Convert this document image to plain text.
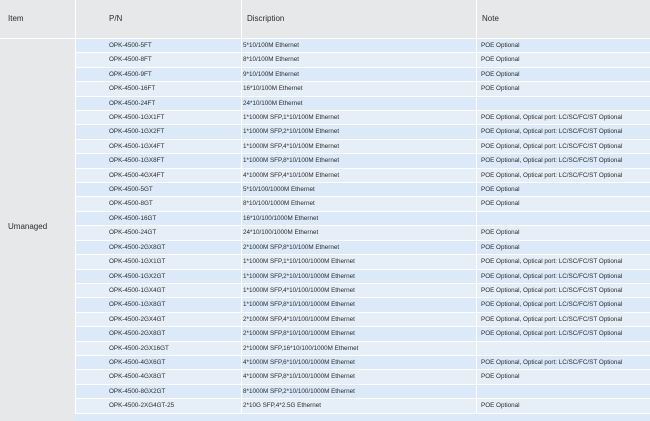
Item	P/N	Discription	Note
Umanaged
OPK-4500-5FT	5*10/100M Ethernet	POE Optional
OPK-4500-8FT	8*10/100M Ethernet	POE Optional
OPK-4500-9FT	9*10/100M Ethernet	POE Optional
OPK-4500-16FT	16*10/100M Ethernet	POE Optional
OPK-4500-24FT	24*10/100M Ethernet
OPK-4500-1GX1FT	1*1000M SFP,1*10/100M Ethernet	POE Optional, Optical port: LC/SC/FC/ST Optional
OPK-4500-1GX2FT	1*1000M SFP,2*10/100M Ethernet	POE Optional, Optical port: LC/SC/FC/ST Optional
OPK-4500-1GX4FT	1*1000M SFP,4*10/100M Ethernet	POE Optional, Optical port: LC/SC/FC/ST Optional
OPK-4500-1GX8FT	1*1000M SFP,8*10/100M Ethernet	POE Optional, Optical port: LC/SC/FC/ST Optional
OPK-4500-4GX4FT	4*1000M SFP,4*10/100M Ethernet	POE Optional, Optical port: LC/SC/FC/ST Optional
OPK-4500-5GT	5*10/100/1000M Ethernet	POE Optional
OPK-4500-8GT	8*10/100/1000M Ethernet	POE Optional
OPK-4500-16GT	16*10/100/1000M Ethernet
OPK-4500-24GT	24*10/100/1000M Ethernet	POE Optional
OPK-4500-2GX8GT	2*1000M SFP,8*10/100M Ethernet	POE Optional
OPK-4500-1GX1GT	1*1000M SFP,1*10/100/1000M Ethernet	POE Optional, Optical port: LC/SC/FC/ST Optional
OPK-4500-1GX2GT	1*1000M SFP,2*10/100/1000M Ethernet	POE Optional, Optical port: LC/SC/FC/ST Optional
OPK-4500-1GX4GT	1*1000M SFP,4*10/100/1000M Ethernet	POE Optional, Optical port: LC/SC/FC/ST Optional
OPK-4500-1GX8GT	1*1000M SFP,8*10/100/1000M Ethernet	POE Optional, Optical port: LC/SC/FC/ST Optional
OPK-4500-2GX4GT	2*1000M SFP,4*10/100/1000M Ethernet	POE Optional, Optical port: LC/SC/FC/ST Optional
OPK-4500-2GX8GT	2*1000M SFP,8*10/100/1000M Ethernet	POE Optional, Optical port: LC/SC/FC/ST Optional
OPK-4500-2GX16GT	2*1000M SFP,16*10/100/1000M Ethernet
OPK-4500-4GX6GT	4*1000M SFP,6*10/100/1000M Ethernet	POE Optional, Optical port: LC/SC/FC/ST Optional
OPK-4500-4GX8GT	4*1000M SFP,8*10/100/1000M Ethernet	POE Optional
OPK-4500-8GX2GT	8*1000M SFP,2*10/100/1000M Ethernet
OPK-4500-2XG4GT-25	2*10G SFP,4*2.5G Ethernet	POE Optional
